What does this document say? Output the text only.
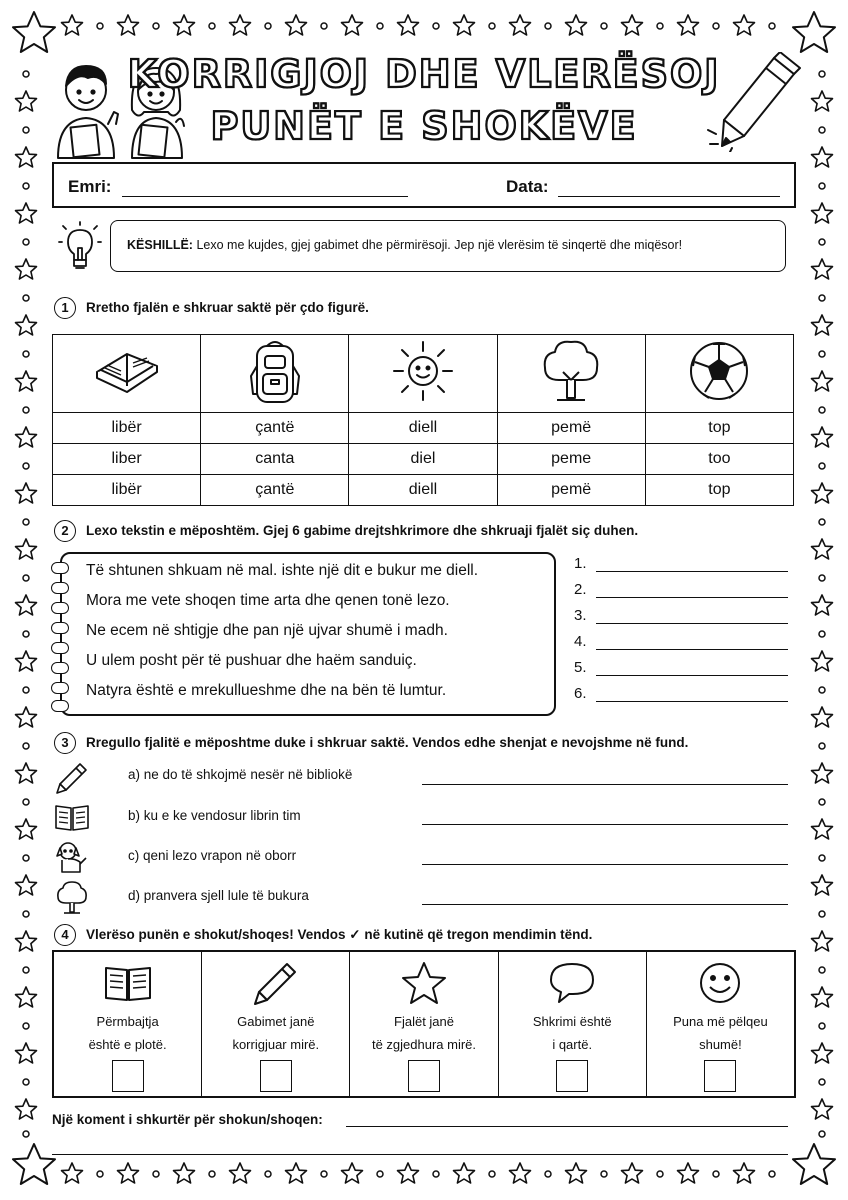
KORRIGJOJ DHE VLERËSOJ
PUNËT E SHOKËVE
Emri:	Data:
KËSHILLË: Lexo me kujdes, gjej gabimet dhe përmirësoji. Jep një vlerësim të sinqertë dhe miqësor!
1	Rretho fjalën e shkruar saktë për çdo figurë.

libër	çantë	diell	pemë	top
liber	canta	diel	peme	too
libër	çantë	diell	pemë	top
2	Lexo tekstin e mëposhtëm. Gjej 6 gabime drejtshkrimore dhe shkruaji fjalët siç duhen.
Të shtunen shkuam në mal. ishte një dit e bukur me diell.
Mora me vete shoqen time arta dhe qenen tonë lezo.
Ne ecem në shtigje dhe pan një ujvar shumë i madh.
U ulem posht për të pushuar dhe haëm sanduiç.
Natyra është e mrekullueshme dhe na bën të lumtur.
1.
2.
3.
4.
5.
6.
3	Rregullo fjalitë e mëposhtme duke i shkruar saktë. Vendos edhe shenjat e nevojshme në fund.
a) ne do të shkojmë nesër në bibliokë
b) ku e ke vendosur librin tim
c) qeni lezo vrapon në oborr
d) pranvera sjell lule të bukura
4	Vlerëso punën e shokut/shoqes! Vendos ✓ në kutinë që tregon mendimin tënd.
Përmbajtja
është e plotë.
Gabimet janë
korrigjuar mirë.
Fjalët janë
të zgjedhura mirë.
Shkrimi është
i qartë.
Puna më pëlqeu
shumë!
Një koment i shkurtër për shokun/shoqen:
